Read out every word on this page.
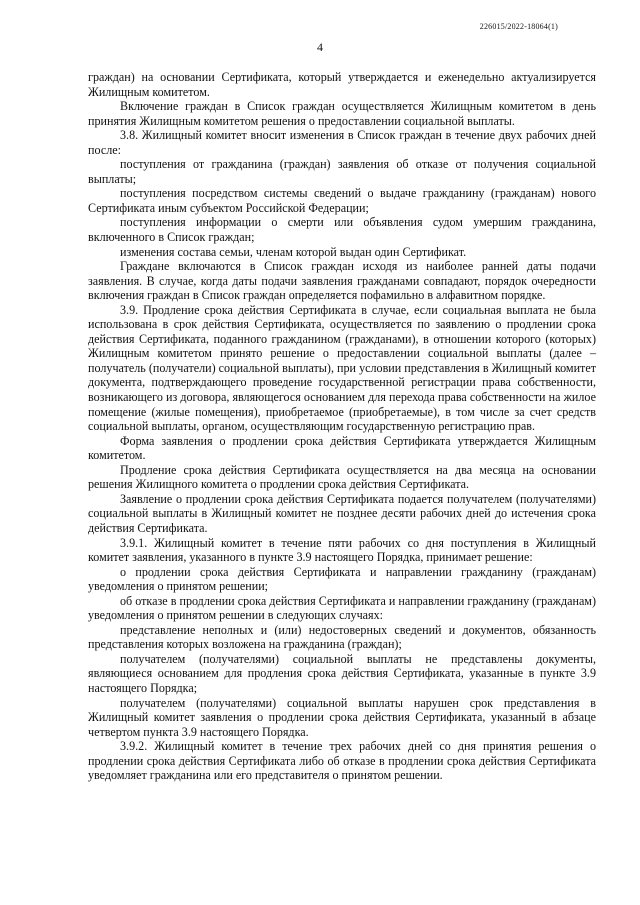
226015/2022-18064(1)
4

граждан) на основании Сертификата, который утверждается и еженедельно актуализируется Жилищным комитетом.

Включение граждан в Список граждан осуществляется Жилищным комитетом в день принятия Жилищным комитетом решения о предоставлении социальной выплаты.

3.8. Жилищный комитет вносит изменения в Список граждан в течение двух рабочих дней после:

поступления от гражданина (граждан) заявления об отказе от получения социальной выплаты;

поступления посредством системы сведений о выдаче гражданину (гражданам) нового Сертификата иным субъектом Российской Федерации;

поступления информации о смерти или объявления судом умершим гражданина, включенного в Список граждан;

изменения состава семьи, членам которой выдан один Сертификат.

Граждане включаются в Список граждан исходя из наиболее ранней даты подачи заявления. В случае, когда даты подачи заявления гражданами совпадают, порядок очередности включения граждан в Список граждан определяется пофамильно в алфавитном порядке.

3.9. Продление срока действия Сертификата в случае, если социальная выплата не была использована в срок действия Сертификата, осуществляется по заявлению о продлении срока действия Сертификата, поданного гражданином (гражданами), в отношении которого (которых) Жилищным комитетом принято решение о предоставлении социальной выплаты (далее – получатель (получатели) социальной выплаты), при условии представления в Жилищный комитет документа, подтверждающего проведение государственной регистрации права собственности, возникающего из договора, являющегося основанием для перехода права собственности на жилое помещение (жилые помещения), приобретаемое (приобретаемые), в том числе за счет средств социальной выплаты, органом, осуществляющим государственную регистрацию прав.

Форма заявления о продлении срока действия Сертификата утверждается Жилищным комитетом.

Продление срока действия Сертификата осуществляется на два месяца на основании решения Жилищного комитета о продлении срока действия Сертификата.

Заявление о продлении срока действия Сертификата подается получателем (получателями) социальной выплаты в Жилищный комитет не позднее десяти рабочих дней до истечения срока действия Сертификата.

3.9.1. Жилищный комитет в течение пяти рабочих со дня поступления в Жилищный комитет заявления, указанного в пункте 3.9 настоящего Порядка, принимает решение:

о продлении срока действия Сертификата и направлении гражданину (гражданам) уведомления о принятом решении;

об отказе в продлении срока действия Сертификата и направлении гражданину (гражданам) уведомления о принятом решении в следующих случаях:

представление неполных и (или) недостоверных сведений и документов, обязанность представления которых возложена на гражданина (граждан);

получателем (получателями) социальной выплаты не представлены документы, являющиеся основанием для продления срока действия Сертификата, указанные в пункте 3.9 настоящего Порядка;

получателем (получателями) социальной выплаты нарушен срок представления в Жилищный комитет заявления о продлении срока действия Сертификата, указанный в абзаце четвертом пункта 3.9 настоящего Порядка.

3.9.2. Жилищный комитет в течение трех рабочих дней со дня принятия решения о продлении срока действия Сертификата либо об отказе в продлении срока действия Сертификата уведомляет гражданина или его представителя о принятом решении.
